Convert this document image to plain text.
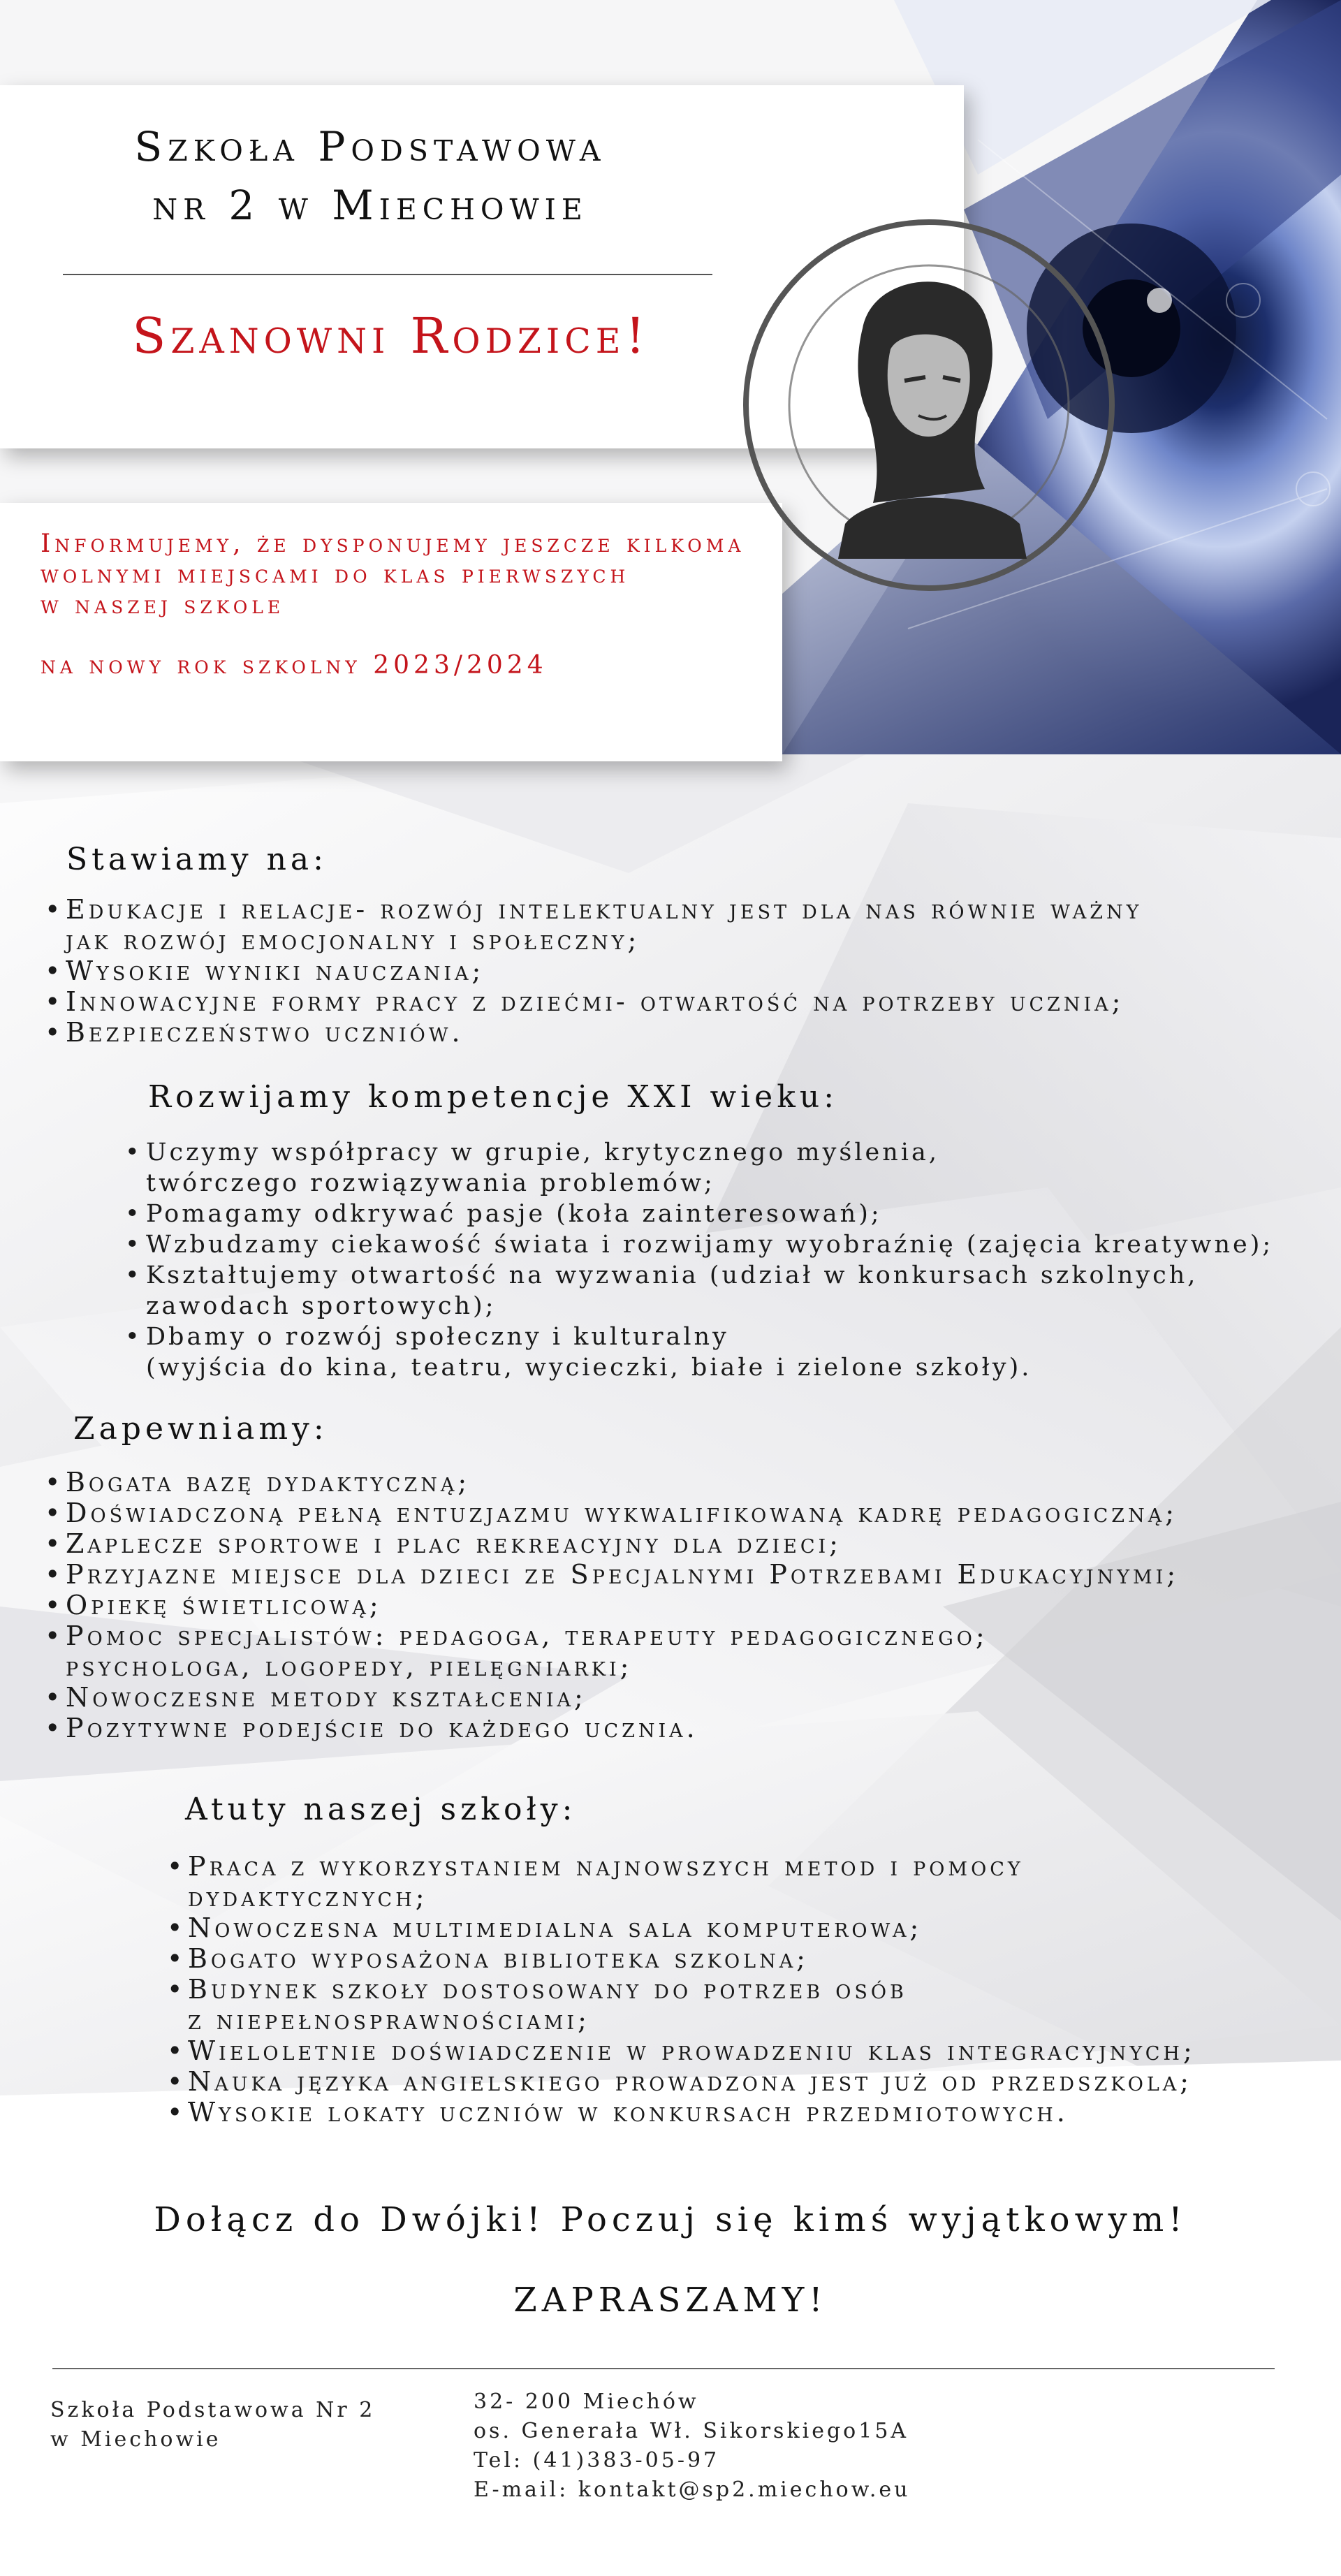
Szkoła Podstawowa
nr 2 w Miechowie
Szanowni Rodzice!
Informujemy, że dysponujemy jeszcze kilkoma
wolnymi miejscami do klas pierwszych
w naszej szkole
na nowy rok szkolny 2023/2024
Stawiamy na:
• Edukacje i relacje- rozwój intelektualny jest dla nas równie ważny
jak rozwój emocjonalny i społeczny;
• Wysokie wyniki nauczania;
• Innowacyjne formy pracy z dziećmi- otwartość na potrzeby ucznia;
• Bezpieczeństwo uczniów.
Rozwijamy kompetencje XXI wieku:
• Uczymy współpracy w grupie, krytycznego myślenia,
twórczego rozwiązywania problemów;
• Pomagamy odkrywać pasje (koła zainteresowań);
• Wzbudzamy ciekawość świata i rozwijamy wyobraźnię (zajęcia kreatywne);
• Kształtujemy otwartość na wyzwania (udział w konkursach szkolnych,
zawodach sportowych);
• Dbamy o rozwój społeczny i kulturalny
(wyjścia do kina, teatru, wycieczki, białe i zielone szkoły).
Zapewniamy:
• Bogata bazę dydaktyczną;
• Doświadczoną pełną entuzjazmu wykwalifikowaną kadrę pedagogiczną;
• Zaplecze sportowe i plac rekreacyjny dla dzieci;
• Przyjazne miejsce dla dzieci ze Specjalnymi Potrzebami Edukacyjnymi;
• Opiekę świetlicową;
• Pomoc specjalistów: pedagoga, terapeuty pedagogicznego;
psychologa, logopedy, pielęgniarki;
• Nowoczesne metody kształcenia;
• Pozytywne podejście do każdego ucznia.
Atuty naszej szkoły:
• Praca z wykorzystaniem najnowszych metod i pomocy
dydaktycznych;
• Nowoczesna multimedialna sala komputerowa;
• Bogato wyposażona biblioteka szkolna;
• Budynek szkoły dostosowany do potrzeb osób
z niepełnosprawnościami;
• Wieloletnie doświadczenie w prowadzeniu klas integracyjnych;
• Nauka języka angielskiego prowadzona jest już od przedszkola;
• Wysokie lokaty uczniów w konkursach przedmiotowych.
Dołącz do Dwójki! Poczuj się kimś wyjątkowym!
ZAPRASZAMY!
Szkoła Podstawowa Nr 2
w Miechowie
32- 200 Miechów
os. Generała Wł. Sikorskiego15A
Tel: (41)383-05-97
E-mail: kontakt@sp2.miechow.eu
